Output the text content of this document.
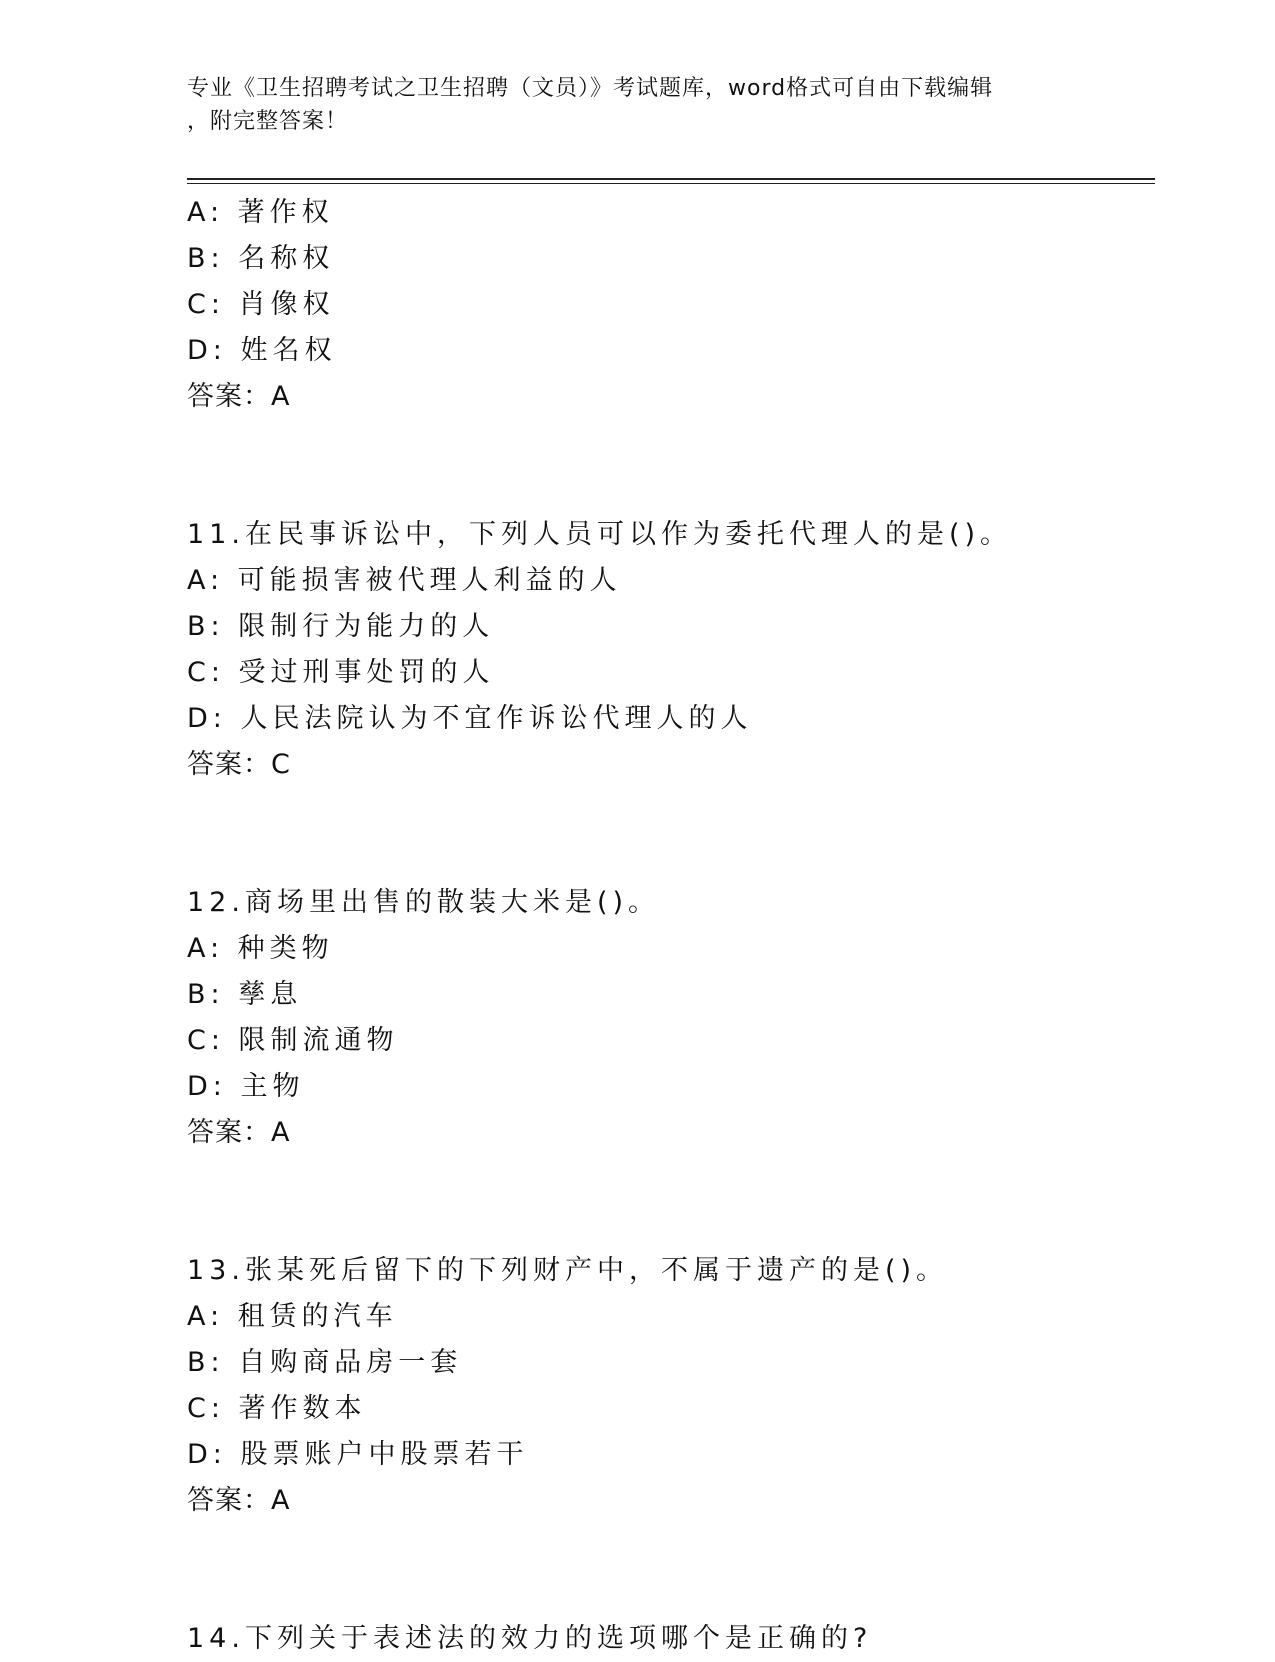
专业《卫生招聘考试之卫生招聘（文员）》考试题库，word格式可自由下载编辑
，附完整答案！
A: 著作权
B: 名称权
C: 肖像权
D: 姓名权
答案：A
11.在民事诉讼中，下列人员可以作为委托代理人的是()。
A: 可能损害被代理人利益的人
B: 限制行为能力的人
C: 受过刑事处罚的人
D: 人民法院认为不宜作诉讼代理人的人
答案：C
12.商场里出售的散装大米是()。
A: 种类物
B: 孳息
C: 限制流通物
D: 主物
答案：A
13.张某死后留下的下列财产中，不属于遗产的是()。
A: 租赁的汽车
B: 自购商品房一套
C: 著作数本
D: 股票账户中股票若干
答案：A
14.下列关于表述法的效力的选项哪个是正确的?
